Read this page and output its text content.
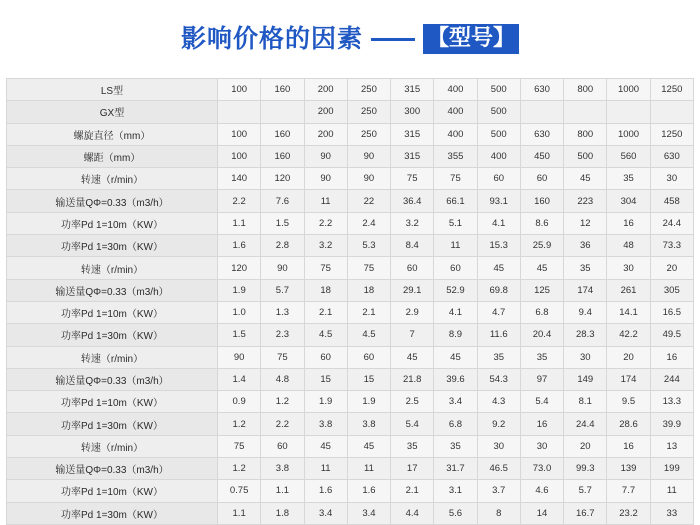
影响价格的因素	【型号】
LS型	100	160	200	250	315	400	500	630	800	1000	1250
GX型			200	250	300	400	500				
螺旋直径（mm）	100	160	200	250	315	400	500	630	800	1000	1250
螺距（mm）	100	160	90	90	315	355	400	450	500	560	630
转速（r/min）	140	120	90	90	75	75	60	60	45	35	30
输送量QΦ=0.33（m3/h）	2.2	7.6	11	22	36.4	66.1	93.1	160	223	304	458
功率Pd 1=10m（KW）	1.1	1.5	2.2	2.4	3.2	5.1	4.1	8.6	12	16	24.4
功率Pd 1=30m（KW）	1.6	2.8	3.2	5.3	8.4	11	15.3	25.9	36	48	73.3
转速（r/min）	120	90	75	75	60	60	45	45	35	30	20
输送量QΦ=0.33（m3/h）	1.9	5.7	18	18	29.1	52.9	69.8	125	174	261	305
功率Pd 1=10m（KW）	1.0	1.3	2.1	2.1	2.9	4.1	4.7	6.8	9.4	14.1	16.5
功率Pd 1=30m（KW）	1.5	2.3	4.5	4.5	7	8.9	11.6	20.4	28.3	42.2	49.5
转速（r/min）	90	75	60	60	45	45	35	35	30	20	16
输送量QΦ=0.33（m3/h）	1.4	4.8	15	15	21.8	39.6	54.3	97	149	174	244
功率Pd 1=10m（KW）	0.9	1.2	1.9	1.9	2.5	3.4	4.3	5.4	8.1	9.5	13.3
功率Pd 1=30m（KW）	1.2	2.2	3.8	3.8	5.4	6.8	9.2	16	24.4	28.6	39.9
转速（r/min）	75	60	45	45	35	35	30	30	20	16	13
输送量QΦ=0.33（m3/h）	1.2	3.8	11	11	17	31.7	46.5	73.0	99.3	139	199
功率Pd 1=10m（KW）	0.75	1.1	1.6	1.6	2.1	3.1	3.7	4.6	5.7	7.7	11
功率Pd 1=30m（KW）	1.1	1.8	3.4	3.4	4.4	5.6	8	14	16.7	23.2	33
